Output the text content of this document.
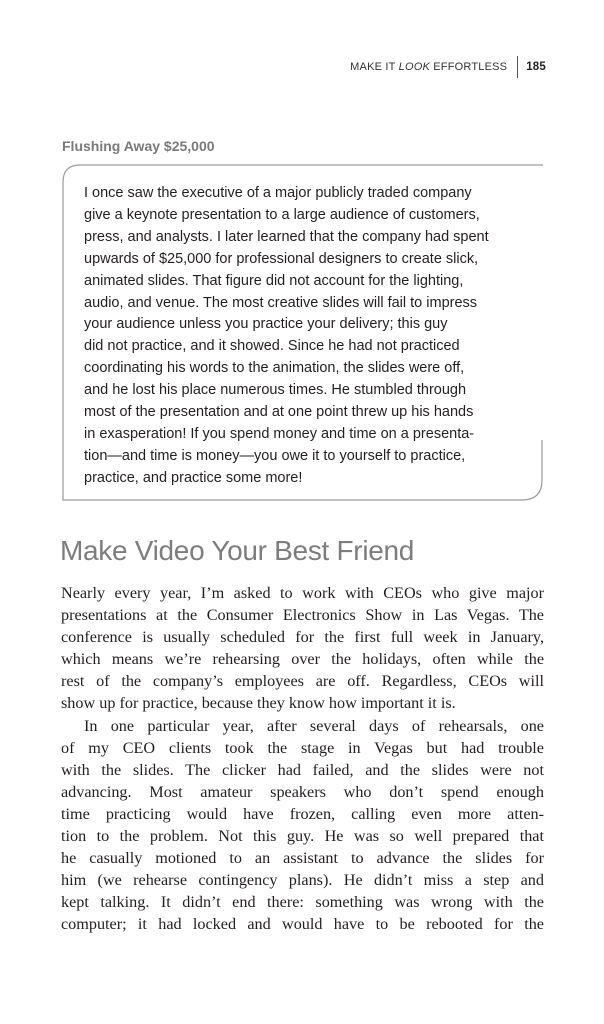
MAKE IT LOOK EFFORTLESS 185
Flushing Away $25,000
I once saw the executive of a major publicly traded company
give a keynote presentation to a large audience of customers,
press, and analysts. I later learned that the company had spent
upwards of $25,000 for professional designers to create slick,
animated slides. That figure did not account for the lighting,
audio, and venue. The most creative slides will fail to impress
your audience unless you practice your delivery; this guy
did not practice, and it showed. Since he had not practiced
coordinating his words to the animation, the slides were off,
and he lost his place numerous times. He stumbled through
most of the presentation and at one point threw up his hands
in exasperation! If you spend money and time on a presenta-
tion—and time is money—you owe it to yourself to practice,
practice, and practice some more!
Make Video Your Best Friend
Nearly every year, I’m asked to work with CEOs who give major
presentations at the Consumer Electronics Show in Las Vegas. The
conference is usually scheduled for the first full week in January,
which means we’re rehearsing over the holidays, often while the
rest of the company’s employees are off. Regardless, CEOs will
show up for practice, because they know how important it is.
In one particular year, after several days of rehearsals, one
of my CEO clients took the stage in Vegas but had trouble
with the slides. The clicker had failed, and the slides were not
advancing. Most amateur speakers who don’t spend enough
time practicing would have frozen, calling even more atten-
tion to the problem. Not this guy. He was so well prepared that
he casually motioned to an assistant to advance the slides for
him (we rehearse contingency plans). He didn’t miss a step and
kept talking. It didn’t end there: something was wrong with the
computer; it had locked and would have to be rebooted for the
